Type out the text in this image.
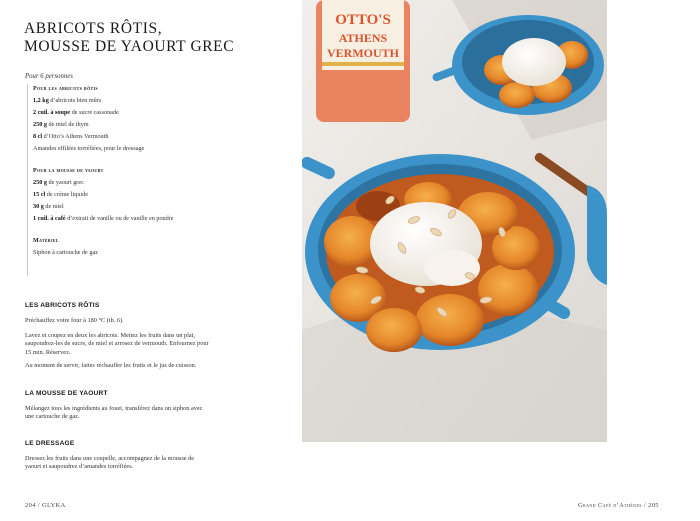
ABRICOTS RÔTIS,
MOUSSE DE YAOURT GREC
Pour 6 personnes
Pour les abricots rôtis
1,2 kg d’abricots bien mûrs
2 cuil. à soupe de sucre cassonade
250 g de miel de thym
8 cl d’Otto’s Athens Vermouth
Amandes effilées torréfiées, pour le dressage
Pour la mousse de yaourt
250 g de yaourt grec
15 cl de crème liquide
30 g de miel
1 cuil. à café d’extrait de vanille ou de vanille en poudre
Matériel
Siphon à cartouche de gaz
LES ABRICOTS RÔTIS

Préchauffez votre four à 180 °C (th. 6).

Lavez et coupez en deux les abricots. Mettez les fruits dans un plat, saupoudrez-les de sucre, de miel et arrosez de vermouth. Enfournez pour 15 min. Réservez.

Au moment de servir, faites réchauffer les fruits et le jus de cuisson.

LA MOUSSE DE YAOURT

Mélangez tous les ingrédients au fouet, transférez dans un siphon avec une cartouche de gaz.

LE DRESSAGE

Dressez les fruits dans une coupelle, accompagnez de la mousse de yaourt et saupoudrez d’amandes torréfiées.

204 / GLYKA
OTTO'S
ATHENS
VERMOUTH
Grand Café d’Athènes / 205
